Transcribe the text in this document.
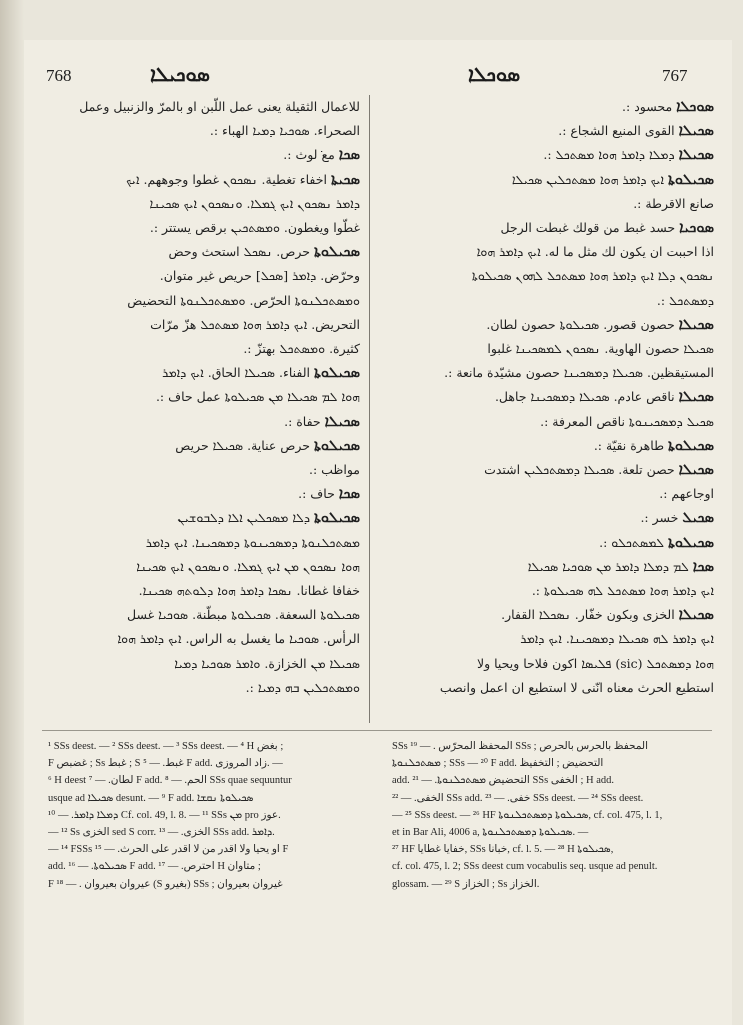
768	ܣܘܟܝܠܐ	ܣܘܟܠܐ	767

للاعمال الثقيلة يعنى عمل اللّبن او بالمرّ والزنبيل وعمل

الصحراء. ܣܘܟܝܐ ܕܡܝܐ الهباء :.

ܣܟܐ مع ݁لوث :.

ܣܟܝܬܐ اخفاء تغطية. ܢܣܟܘܢ غطوا وجوههم. ܐܝܟ

ܕܐܡܪ ܢܣܟܘܢ ܐܝܟ ܓܡܠܐ. ܘܢܣܟܘܢ ܐܝܟ ܣܟܝܢܐ

غطّوا ويغطون. ܘܡܣܬܟܝܢ برقص يستتر :.

ܣܟܝܠܘܬܐ حرص. ܢܣܟܠ استحث وحض

وحرّض. ܕܐܡܪ [ܣܟܠ] حريص غير متوان.

ܘܡܣܬܟܠܢܘܬܐ الحرّص. ܘܡܣܬܟܠܢܘܬܐ التحضيض

التحريض. ܐܝܟ ܕܐܡܪ ܗܘܐ ܡܣܬܟܠ هزّ مرّات

كثيرة. ܘܡܣܬܟܠ بهتزّ :.

ܣܟܝܠܘܬܐ الفناء. ܣܟܝܠܐ الحاق. ܐܝܟ ܕܐܡܪ

ܗܘܐ ܠܡ ܣܟܝܠܐ ܡܢ ܣܟܝܠܘܬܐ عمل حاف :.

ܣܟܝܠܐ حفاة :.

ܣܟܝܠܘܬܐ حرص عناية. ܣܟܝܠܐ حريص

مواظب :.

ܣܟܐ حاف :.

ܣܟܝܠܘܬܐ ܕܠܐ ܡܣܟܠܝܢ ܐܠܐ ܕܠܒܘܫܝܢ

ܡܣܬܟܠܢܘܬܐ ܕܡܣܟܝܢܘܬܐ ܕܡܣܟܝܢܐ. ܐܝܟ ܕܐܡܪ

ܗܘܐ ܢܣܟܘܢ ܡܢ ܐܝܟ ܓܡܠܐ. ܘܢܣܟܘܢ ܐܝܟ ܣܟܝܢܐ

خفافا غطانا. ܢܣܟܐ ܕܐܡܪ ܗܘܐ ܕܠܘܬܗ ܣܟܝܢܐ.

ܣܟܝܠܘܬܐ السعفة. ܣܟܝܠܘܬܐ مبطّنة. ܣܘܟܝܐ غسل

الرأس. ܣܘܟܝܐ ما يغسل به الراس. ܐܝܟ ܕܐܡܪ ܗܘܐ

ܣܟܝܠܐ ܡܢ الخزازة. ܘܐܡܪ ܣܘܟܝܐ ܕܡܝܐ

ܘܡܣܬܟܠܝܢ ܒܗ ܕܡܝܐ :.

ܣܘܟܠܐ محسود :.

ܣܟܝܠܐ القوى المنيع الشجاع :.

ܣܟܝܠܐ ܕܡܠܐ ܕܐܡܪ ܗܘܐ ܡܣܬܟܠ :.

ܣܟܝܠܘܬܐ ܐܝܟ ܕܐܡܪ ܗܘܐ ܡܣܬܟܠܝܢ ܣܟܝܠܐ

صانع الاقرطة :.

ܣܘܟܝܐ حسد غبط من قولك غبطت الرجل

اذا احببت ان يكون لك مثل ما له. ܐܝܟ ܕܐܡܪ ܗܘܐ

ܢܣܟܘܢ ܕܠܐ ܐܝܟ ܕܐܡܪ ܗܘܐ ܡܣܬܟܠ ܠܗܘܢ ܣܟܝܠܘܬܐ

ܕܡܣܬܟܠ :.

ܣܟܝܠܐ حصون قصور. ܣܟܝܠܘܬܐ حصون لطان.

ܣܟܝܠܐ حصون الهاوية. ܢܣܟܘܢ ܠܡܣܟܝܢܐ غلبوا

المستيقظين. ܣܟܝܠܐ ܕܡܣܟܝܢܐ حصون مشيّدة مانعة :.

ܣܟܝܠܐ ناقص عادم. ܣܟܝܠܐ ܕܡܣܟܝܢܐ جاهل.

ܣܟܝܠ ܕܡܣܟܝܢܘܬܐ ناقص المعرفة :.

ܣܟܝܠܘܬܐ طاهرة نقيّة :.

ܣܟܝܠܐ حصن تلعة. ܣܟܝܠܐ ܕܡܣܬܟܠܝܢ اشتدت

اوجاعهم :.

ܣܟܝܠ خسر :.

ܣܟܝܠܘܬܐ ܠܡܣܬܟܠܘ :.

ܣܟܐ ܠܡ ܕܡܠܐ ܕܐܡܪ ܡܢ ܣܘܟܝܐ ܣܟܝܠܐ

ܐܝܟ ܕܐܡܪ ܗܘܐ ܡܣܬܟܠ ܠܗ ܣܟܝܠܘܬܐ :.

ܣܟܝܠܐ الخزى وبكون خفّار. ܢܣܟܠܐ القفار.

ܐܝܟ ܕܐܡܪ ܠܗ ܣܟܝܠܐ ܕܡܣܟܝܢܐ. ܐܝܟ ܕܐܡܪ

ܗܘܐ ܕܡܣܬܟܠ (sic) ܦܠܝܣܐ اكون فلاحا ويحيا ولا

استطيع الحرث معناه انّنى لا استطيع ان اعمل وانصب

¹ SSs deest. — ² SSs deest. — ³ SSs deest. — ⁴ H بغض ;

F غضبص ; Ss غبط ; S غبط. — ⁵ F add. زاد المروزى. —

⁶ H deest لطان. — ⁷ F add. الحم. — ⁸ SSs quae sequuntur

usque ad ܣܟܝܠܐ desunt. — ⁹ F add. ܣܟܝܠܘܬܐ ܢܩܫܐ

ܕܡܠܐ ܕܐܡܪ. — ¹⁰ Cf. col. 49, l. 8. — ¹¹ SSs ܡܢ pro عوز.

— ¹² Ss الخزى sed S corr. الخزى. — ¹³ SSs add. ܕܐܡܪ.

— ¹⁴ FSSs او يحيا ولا اقدر من لا اقدر على الحرث. — ¹⁵ F

add. ܣܟܝܠܘܬܐ. — ¹⁶ F add. احترص. — ¹⁷ H متاوان ;

F ¹⁸ — . عيروان بعيروان (S بغيرو) SSs ; غيروان بعيروان

SSs ¹⁹ — . المحفظ المحرّس SSs ; المحفظ بالحرس بالحرص

ܡܣܬܟܠܢܘܬܐ ; SSs — ²⁰ F add. التحضيض ; التخفيظ

add. التحضيض ܡܣܬܟܠܢܘܬܐ. — ²¹ SSs الخفى ; H add.

الخفى. — ²² SSs add. خفى. — ²³ SSs deest. — ²⁴ SSs deest.

— ²⁵ SSs deest. — ²⁶ HF ܣܟܝܠܘܬܐ ܕܡܣܬܟܠܢܘܬܐ, cf. col. 475, l. 1,

et in Bar Ali, 4006 a, ܣܟܝܠܘܬܐ ܕܡܣܬܟܠܢܘܬܐ. —

²⁷ HF خفايا غطايا, SSs خبانا, cf. l. 5. — ²⁸ H ܣܟܝܠܘܬܐ,

cf. col. 475, l. 2; SSs deest cum vocabulis seq. usque ad penult.

glossam. — ²⁹ S الخزاز ; Ss الخزاز.
